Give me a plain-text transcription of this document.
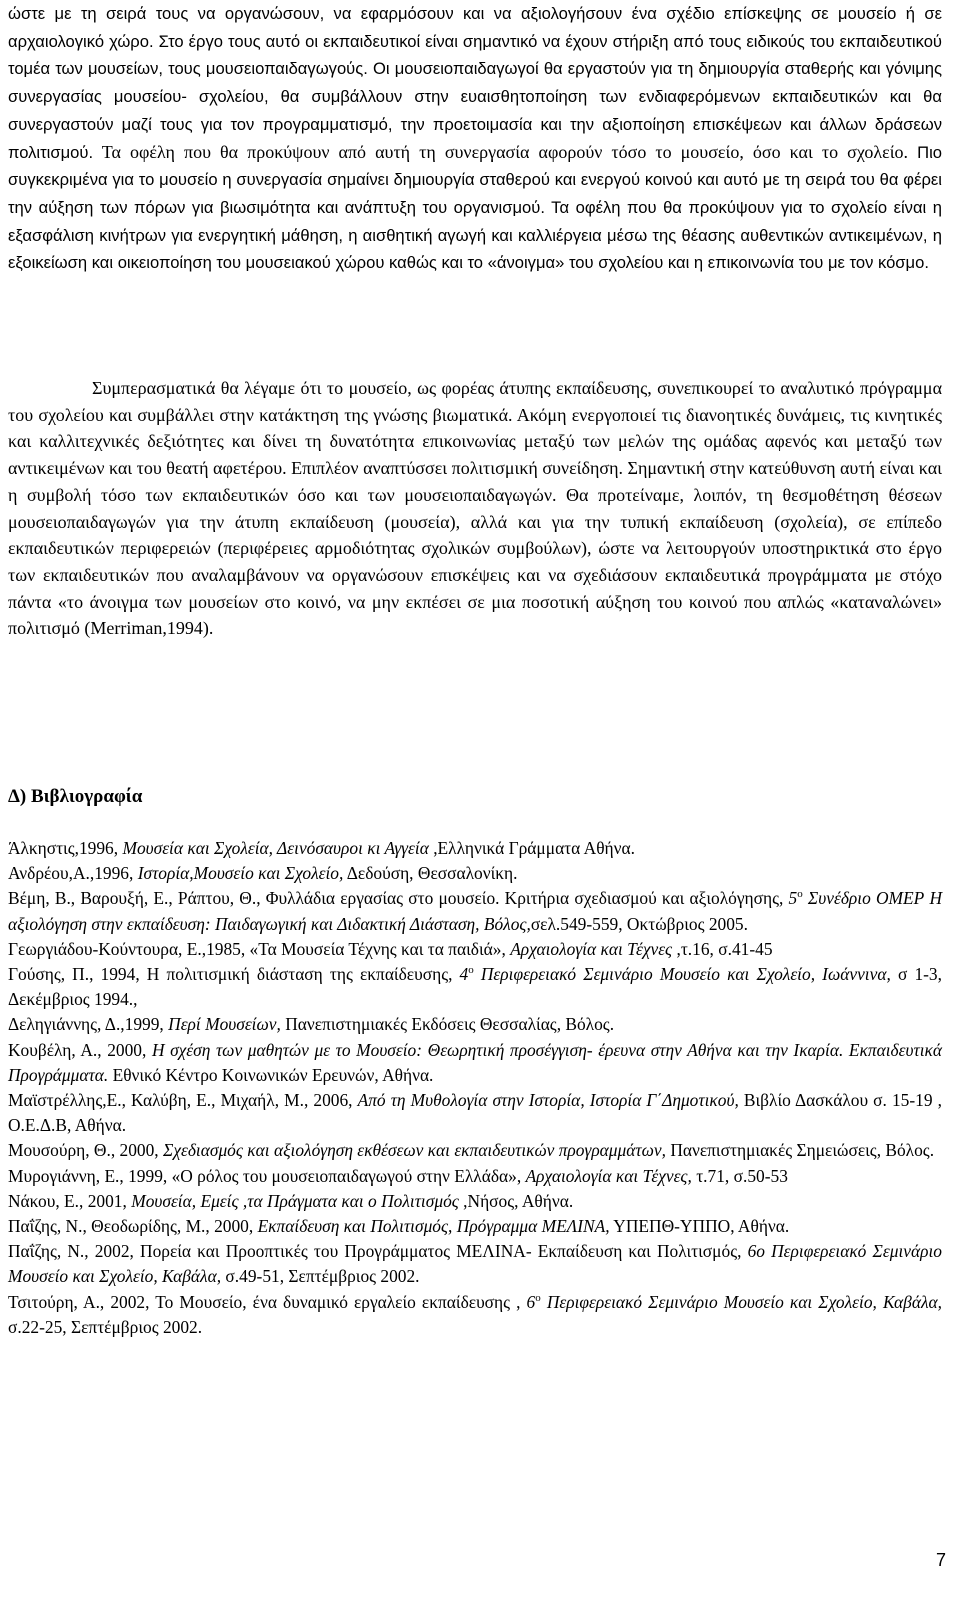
ώστε με τη σειρά τους να οργανώσουν, να εφαρμόσουν και να αξιολογήσουν ένα σχέδιο επίσκεψης σε μουσείο ή σε αρχαιολογικό χώρο. Στο έργο τους αυτό οι εκπαιδευτικοί είναι σημαντικό να έχουν στήριξη από τους ειδικούς του εκπαιδευτικού τομέα των μουσείων, τους μουσειοπαιδαγωγούς. Οι μουσειοπαιδαγωγοί θα εργαστούν για τη δημιουργία σταθερής και γόνιμης συνεργασίας μουσείου- σχολείου, θα συμβάλλουν στην ευαισθητοποίηση των ενδιαφερόμενων εκπαιδευτικών και θα συνεργαστούν μαζί τους για τον προγραμματισμό, την προετοιμασία και την αξιοποίηση επισκέψεων και άλλων δράσεων πολιτισμού. Τα οφέλη που θα προκύψουν από αυτή τη συνεργασία αφορούν τόσο το μουσείο, όσο και το σχολείο. Πιο συγκεκριμένα για το μουσείο η συνεργασία σημαίνει δημιουργία σταθερού και ενεργού κοινού και αυτό με τη σειρά του θα φέρει την αύξηση των πόρων για βιωσιμότητα και ανάπτυξη του οργανισμού. Τα οφέλη που θα προκύψουν για το σχολείο είναι η εξασφάλιση κινήτρων για ενεργητική μάθηση, η αισθητική αγωγή και καλλιέργεια μέσω της θέασης αυθεντικών αντικειμένων, η εξοικείωση και οικειοποίηση του μουσειακού χώρου καθώς και το «άνοιγμα» του σχολείου και η επικοινωνία του με τον κόσμο.
Συμπερασματικά θα λέγαμε ότι το μουσείο, ως φορέας άτυπης εκπαίδευσης, συνεπικουρεί το αναλυτικό πρόγραμμα του σχολείου και συμβάλλει στην κατάκτηση της γνώσης βιωματικά. Ακόμη ενεργοποιεί τις διανοητικές δυνάμεις, τις κινητικές και καλλιτεχνικές δεξιότητες και δίνει τη δυνατότητα επικοινωνίας μεταξύ των μελών της ομάδας αφενός και μεταξύ των αντικειμένων και του θεατή αφετέρου. Επιπλέον αναπτύσσει πολιτισμική συνείδηση. Σημαντική στην κατεύθυνση αυτή είναι και η συμβολή τόσο των εκπαιδευτικών όσο και των μουσειοπαιδαγωγών. Θα προτείναμε, λοιπόν, τη θεσμοθέτηση θέσεων μουσειοπαιδαγωγών για την άτυπη εκπαίδευση (μουσεία), αλλά και για την τυπική εκπαίδευση (σχολεία), σε επίπεδο εκπαιδευτικών περιφερειών (περιφέρειες αρμοδιότητας σχολικών συμβούλων), ώστε να λειτουργούν υποστηρικτικά στο έργο των εκπαιδευτικών που αναλαμβάνουν να οργανώσουν επισκέψεις και να σχεδιάσουν εκπαιδευτικά προγράμματα με στόχο πάντα «το άνοιγμα των μουσείων στο κοινό, να μην εκπέσει σε μια ποσοτική αύξηση του κοινού που απλώς «καταναλώνει» πολιτισμό (Merriman,1994).
Δ) Βιβλιογραφία

Άλκηστις,1996, Μουσεία και Σχολεία, Δεινόσαυροι κι Αγγεία ,Ελληνικά Γράμματα Αθήνα.

Ανδρέου,Α.,1996, Ιστορία,Μουσείο και Σχολείο, Δεδούση, Θεσσαλονίκη.

Βέμη, Β., Βαρουξή, Ε., Ράπτου, Θ., Φυλλάδια εργασίας στο μουσείο. Κριτήρια σχεδιασμού και αξιολόγησης, $5^o$ Συνέδριο ΟΜΕΡ Η αξιολόγηση στην εκπαίδευση: Παιδαγωγική και Διδακτική Διάσταση, Βόλος,σελ.549-559, Οκτώβριος 2005.

Γεωργιάδου-Κούντουρα, Ε.,1985, «Τα Μουσεία Τέχνης και τα παιδιά», Αρχαιολογία και Τέχνες ,τ.16, σ.41-45

Γούσης, Π., 1994, Η πολιτισμική διάσταση της εκπαίδευσης, $4^o$ Περιφερειακό Σεμινάριο Μουσείο και Σχολείο, Ιωάννινα, σ 1-3, Δεκέμβριος 1994.,

Δεληγιάννης, Δ.,1999, Περί Μουσείων, Πανεπιστημιακές Εκδόσεις Θεσσαλίας, Βόλος.

Κουβέλη, Α., 2000, Η σχέση των μαθητών με το Μουσείο: Θεωρητική προσέγγιση- έρευνα στην Αθήνα και την Ικαρία. Εκπαιδευτικά Προγράμματα. Εθνικό Κέντρο Κοινωνικών Ερευνών, Αθήνα.

Μαϊστρέλλης,Ε., Καλύβη, Ε., Μιχαήλ, Μ., 2006, Από τη Μυθολογία στην Ιστορία, Ιστορία Γ΄Δημοτικού, Βιβλίο Δασκάλου σ. 15-19 , Ο.Ε.Δ.Β, Αθήνα.

Μουσούρη, Θ., 2000, Σχεδιασμός και αξιολόγηση εκθέσεων και εκπαιδευτικών προγραμμάτων, Πανεπιστημιακές Σημειώσεις, Βόλος.

Μυρογιάννη, Ε., 1999, «Ο ρόλος του μουσειοπαιδαγωγού στην Ελλάδα», Αρχαιολογία και Τέχνες, τ.71, σ.50-53

Νάκου, Ε., 2001, Μουσεία, Εμείς ,τα Πράγματα και ο Πολιτισμός ,Νήσος, Αθήνα.

Παΐζης, Ν., Θεοδωρίδης, Μ., 2000, Εκπαίδευση και Πολιτισμός, Πρόγραμμα ΜΕΛΙΝΑ, ΥΠΕΠΘ-ΥΠΠΟ, Αθήνα.

Παΐζης, Ν., 2002, Πορεία και Προοπτικές του Προγράμματος ΜΕΛΙΝΑ- Εκπαίδευση και Πολιτισμός, 6ο Περιφερειακό Σεμινάριο Μουσείο και Σχολείο, Καβάλα, σ.49-51, Σεπτέμβριος 2002.

Τσιτούρη, Α., 2002, Το Μουσείο, ένα δυναμικό εργαλείο εκπαίδευσης , $6^o$ Περιφερειακό Σεμινάριο Μουσείο και Σχολείο, Καβάλα, σ.22-25, Σεπτέμβριος 2002.

7
